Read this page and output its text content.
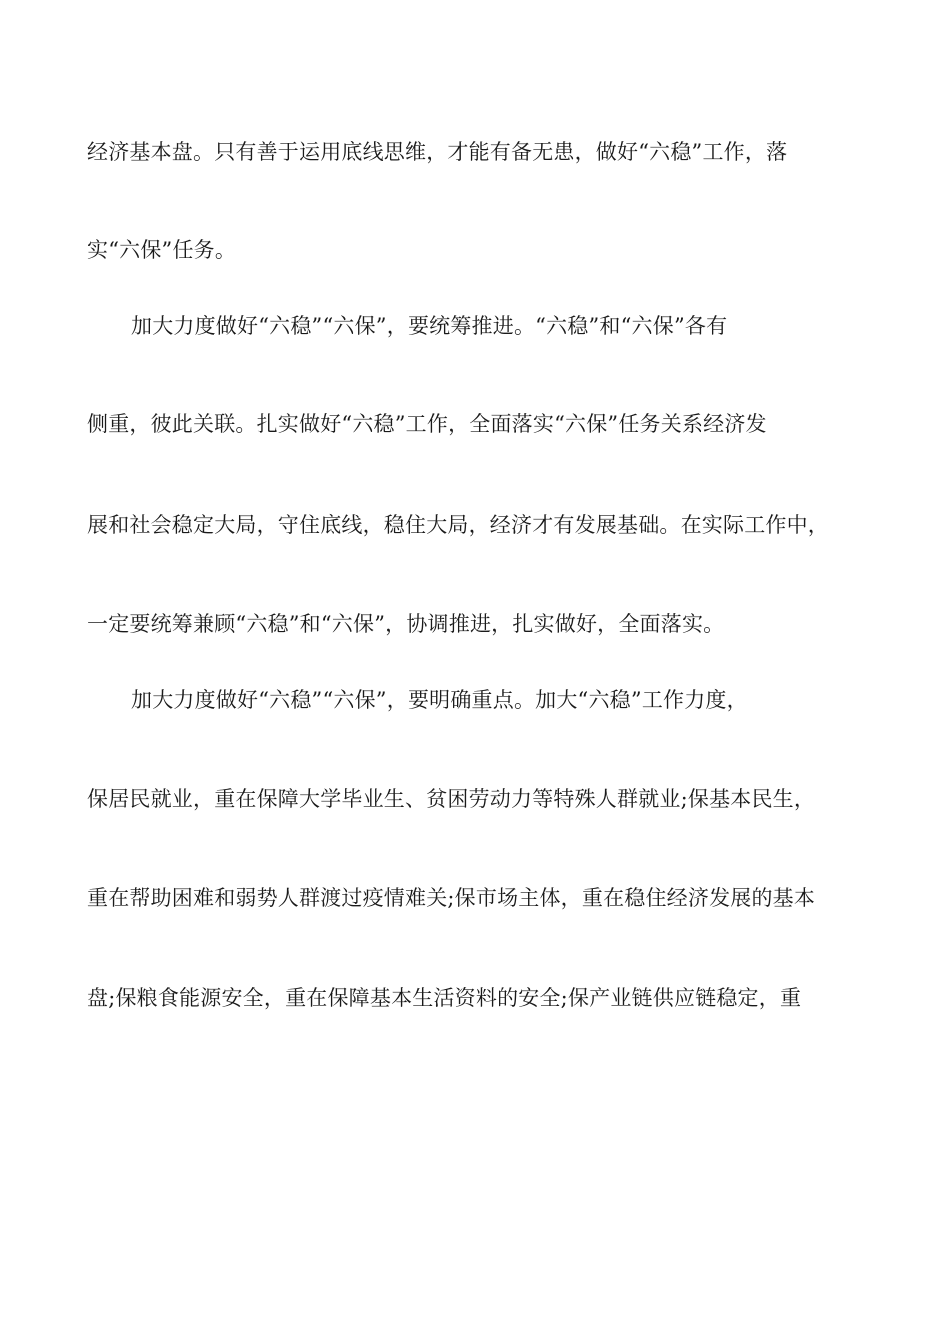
经济基本盘。只有善于运用底线思维，才能有备无患，做好“六稳”工作，落
实“六保”任务。
加大力度做好“六稳”“六保”，要统筹推进。“六稳”和“六保”各有
侧重，彼此关联。扎实做好“六稳”工作，全面落实“六保”任务关系经济发
展和社会稳定大局，守住底线，稳住大局，经济才有发展基础。在实际工作中，
一定要统筹兼顾“六稳”和“六保”，协调推进，扎实做好，全面落实。
加大力度做好“六稳”“六保”，要明确重点。加大“六稳”工作力度，
保居民就业，重在保障大学毕业生、贫困劳动力等特殊人群就业;保基本民生，
重在帮助困难和弱势人群渡过疫情难关;保市场主体，重在稳住经济发展的基本
盘;保粮食能源安全，重在保障基本生活资料的安全;保产业链供应链稳定，重
